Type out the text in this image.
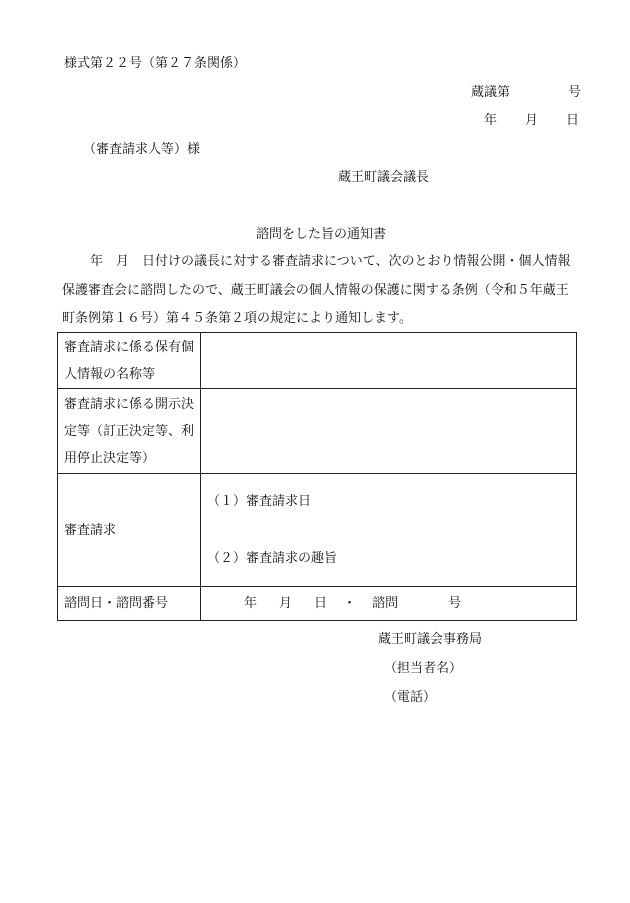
様式第２２号（第２７条関係）
蔵議第	号
年 月 日
（審査請求人等）様
蔵王町議会議長
諮問をした旨の通知書
年　月　日付けの議長に対する審査請求について、次のとおり情報公開・個人情報保護審査会に諮問したので、蔵王町議会の個人情報の保護に関する条例（令和５年蔵王町条例第１６号）第４５条第２項の規定により通知します。
審査請求に係る保有個人情報の名称等	
審査請求に係る開示決定等（訂正決定等、利用停止決定等）	
審査請求	（１）審査請求日
（２）審査請求の趣旨

諮問日・諮問番号	年 月 日 ・ 諮問 号
蔵王町議会事務局
（担当者名）
（電話）
